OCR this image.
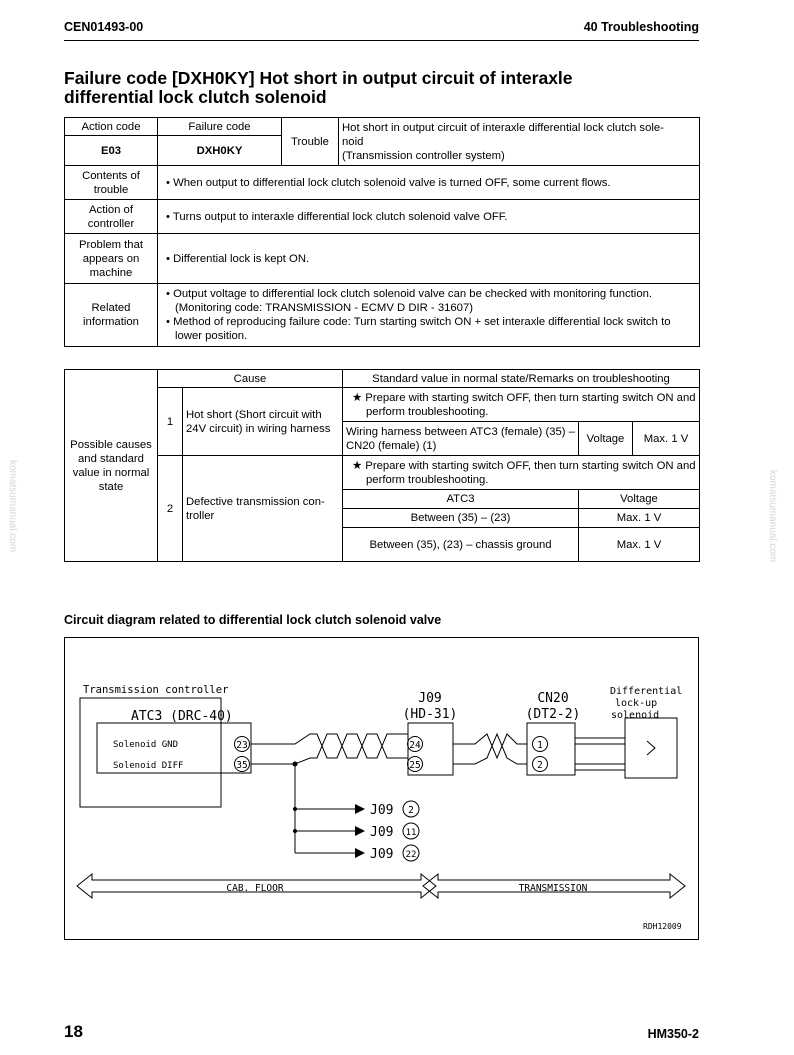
CEN01493-00	40 Troubleshooting
Failure code [DXH0KY] Hot short in output circuit of interaxle
differential lock clutch solenoid
Action code	Failure code	Trouble	Hot short in output circuit of interaxle differential lock clutch sole-
noid
(Transmission controller system)

E03	DXH0KY		
Contents of trouble	• When output to differential lock clutch solenoid valve is turned OFF, some current flows.		

Action of controller	• Turns output to interaxle differential lock clutch solenoid valve OFF.		

Problem that appears on machine	• Differential lock is kept ON.		

Related information	• Output voltage to differential lock clutch solenoid valve can be checked with monitoring function.
(Monitoring code: TRANSMISSION - ECMV D DIR - 31607)
• Method of reproducing failure code: Turn starting switch ON + set interaxle differential lock switch to lower position.		
Possible causes and standard value in normal state	Cause		Standard value in normal state/Remarks on troubleshooting		
	1	Hot short (Short circuit with 24V circuit) in wiring harness	★ Prepare with starting switch OFF, then turn starting switch ON and perform troubleshooting.		

			Wiring harness between ATC3 (female) (35) – CN20 (female) (1)	Voltage	Max. 1 V
	2	Defective transmission con-troller	★ Prepare with starting switch OFF, then turn starting switch ON and perform troubleshooting.		

			ATC3	Voltage	
			Between (35) – (23)	Max. 1 V	
			Between (35), (23) – chassis ground	Max. 1 V	
Circuit diagram related to differential lock clutch solenoid valve
Transmission controller
ATC3 (DRC-40)
Solenoid GND
Solenoid DIFF
23
35
J09
(HD-31)
24
25
CN20
(DT2-2)
1
2
Differential
lock-up
solenoid
J09
J09
J09
2
11
22
CAB. FLOOR	TRANSMISSION
RDH12009
18	HM350-2
komatsumanual.com	komatsumanual.com
